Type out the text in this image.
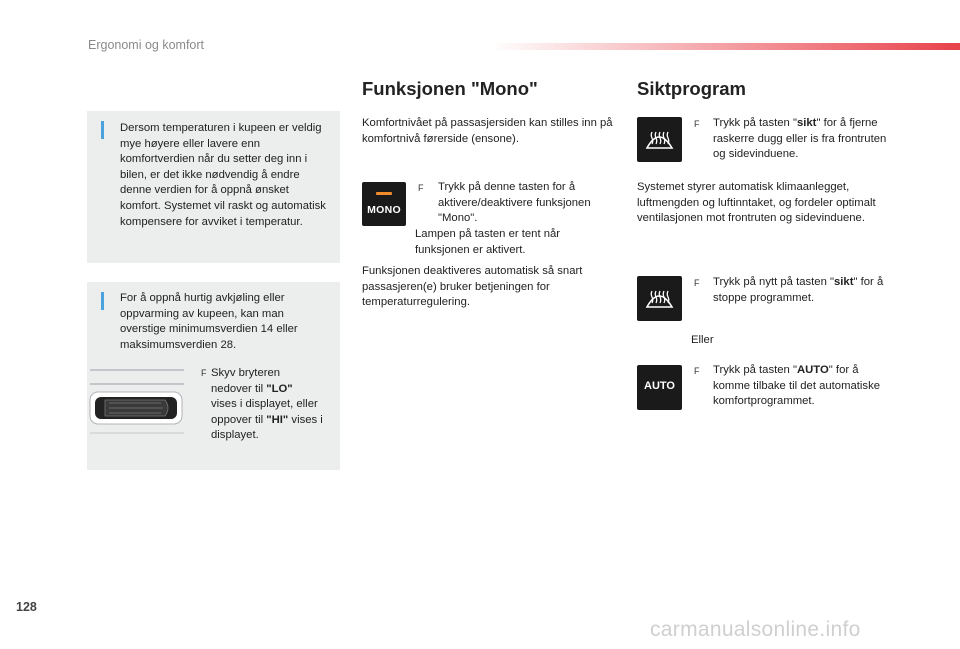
Ergonomi og komfort
Dersom temperaturen i kupeen er veldig mye høyere eller lavere enn komfortverdien når du setter deg inn i bilen, er det ikke nødvendig å endre denne verdien for å oppnå ønsket komfort. Systemet vil raskt og automatisk kompensere for avviket i temperatur.
For å oppnå hurtig avkjøling eller oppvarming av kupeen, kan man overstige minimumsverdien 14 eller maksimumsverdien 28.
F Skyv bryteren
nedover til "LO"
vises i displayet, eller
oppover til "HI" vises i
displayet.
Funksjonen "Mono"
Komfortnivået på passasjersiden kan stilles inn på komfortnivå førerside (ensone).
MONO
F Trykk på denne tasten for å aktivere/deaktivere funksjonen "Mono".
Lampen på tasten er tent når funksjonen er aktivert.
Funksjonen deaktiveres automatisk så snart passasjeren(e) bruker betjeningen for temperaturregulering.
Siktprogram
F Trykk på tasten "sikt" for å fjerne raskerre dugg eller is fra frontruten og sidevinduene.
Systemet styrer automatisk klimaanlegget, luftmengden og luftinntaket, og fordeler optimalt ventilasjonen mot frontruten og sidevinduene.
F Trykk på nytt på tasten "sikt" for å stoppe programmet.
Eller
AUTO
F Trykk på tasten "AUTO" for å komme tilbake til det automatiske komfortprogrammet.
128
carmanualsonline.info
